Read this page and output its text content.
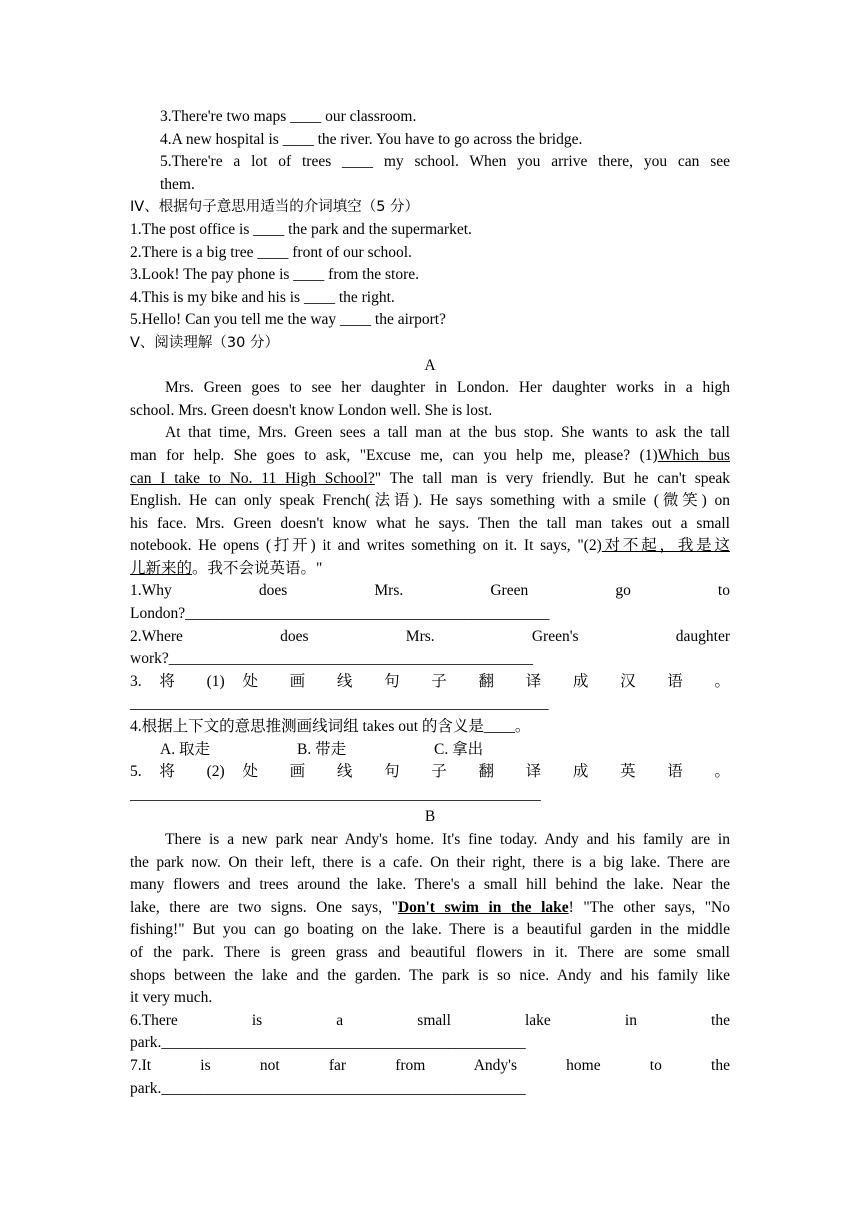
3.There're two maps ____ our classroom.
4.A new hospital is ____ the river. You have to go across the bridge.
5.There're a lot of trees ____ my school. When you arrive there, you can see
them.
IV、根据句子意思用适当的介词填空（5 分）
1.The post office is ____ the park and the supermarket.
2.There is a big tree ____ front of our school.
3.Look! The pay phone is ____ from the store.
4.This is my bike and his is ____ the right.
5.Hello! Can you tell me the way ____ the airport?
V、阅读理解（30 分）
A
Mrs. Green goes to see her daughter in London. Her daughter works in a high
school. Mrs. Green doesn't know London well. She is lost.
At that time, Mrs. Green sees a tall man at the bus stop. She wants to ask the tall
man for help. She goes to ask, "Excuse me, can you help me, please? (1)Which bus
can I take to No. 11 High School?" The tall man is very friendly. But he can't speak
English. He can only speak French(法语). He says something with a smile (微笑) on
his face. Mrs. Green doesn't know what he says. Then the tall man takes out a small
notebook. He opens (打开) it and writes something on it. It says, "(2)对不起，我是这
儿新来的。我不会说英语。"
1.Why does Mrs. Green go to
London?_______________________________________________
2.Where does Mrs. Green's daughter
work?_______________________________________________
3. 将 (1) 处 画 线 句 子 翻 译 成 汉 语 。
______________________________________________________
4.根据上下文的意思推测画线词组 takes out 的含义是____。
A. 取走	B. 带走	C. 拿出
5. 将 (2) 处 画 线 句 子 翻 译 成 英 语 。
_____________________________________________________
B
There is a new park near Andy's home. It's fine today. Andy and his family are in
the park now. On their left, there is a cafe. On their right, there is a big lake. There are
many flowers and trees around the lake. There's a small hill behind the lake. Near the
lake, there are two signs. One says, "Don't swim in the lake! "The other says, "No
fishing!" But you can go boating on the lake. There is a beautiful garden in the middle
of the park. There is green grass and beautiful flowers in it. There are some small
shops between the lake and the garden. The park is so nice. Andy and his family like
it very much.
6.There is a small lake in the
park._______________________________________________
7.It is not far from Andy's home to the
park._______________________________________________
